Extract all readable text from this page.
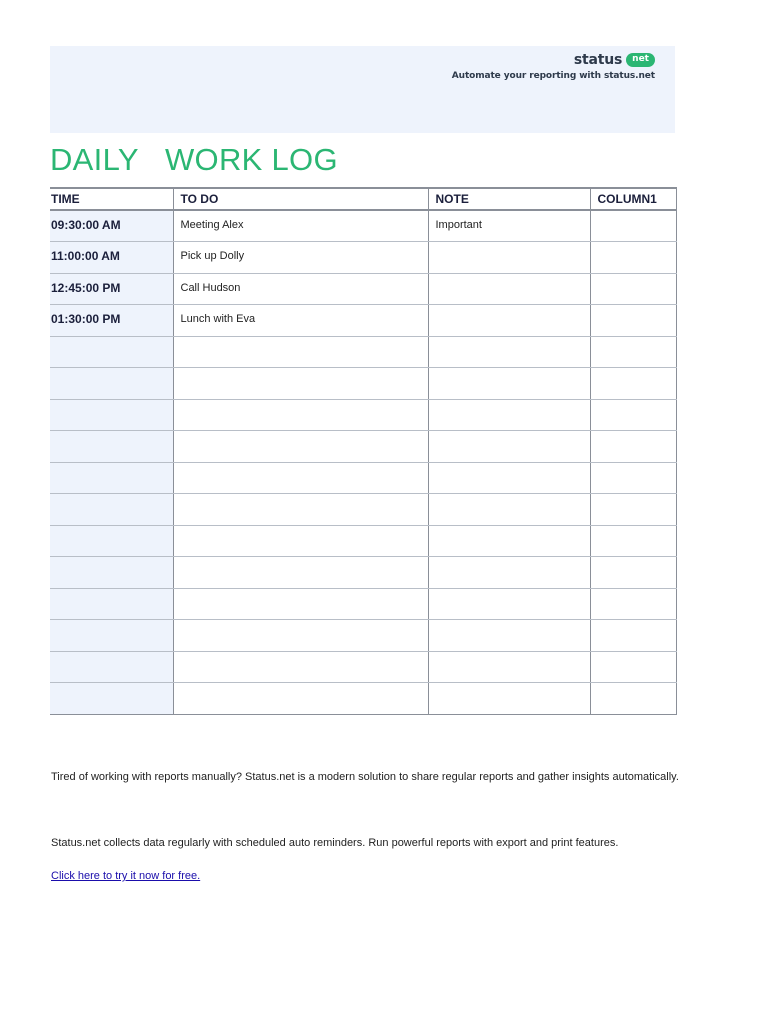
status	net
Automate your reporting with status.net
DAILY   WORK LOG
TIME	TO DO	NOTE	COLUMN1
09:30:00 AM	Meeting Alex	Important	
11:00:00 AM	Pick up Dolly		
12:45:00 PM	Call Hudson		
01:30:00 PM	Lunch with Eva		

Tired of working with reports manually? Status.net is a modern solution to share regular reports and gather insights automatically.
Status.net collects data regularly with scheduled auto reminders. Run powerful reports with export and print features.
Click here to try it now for free.
